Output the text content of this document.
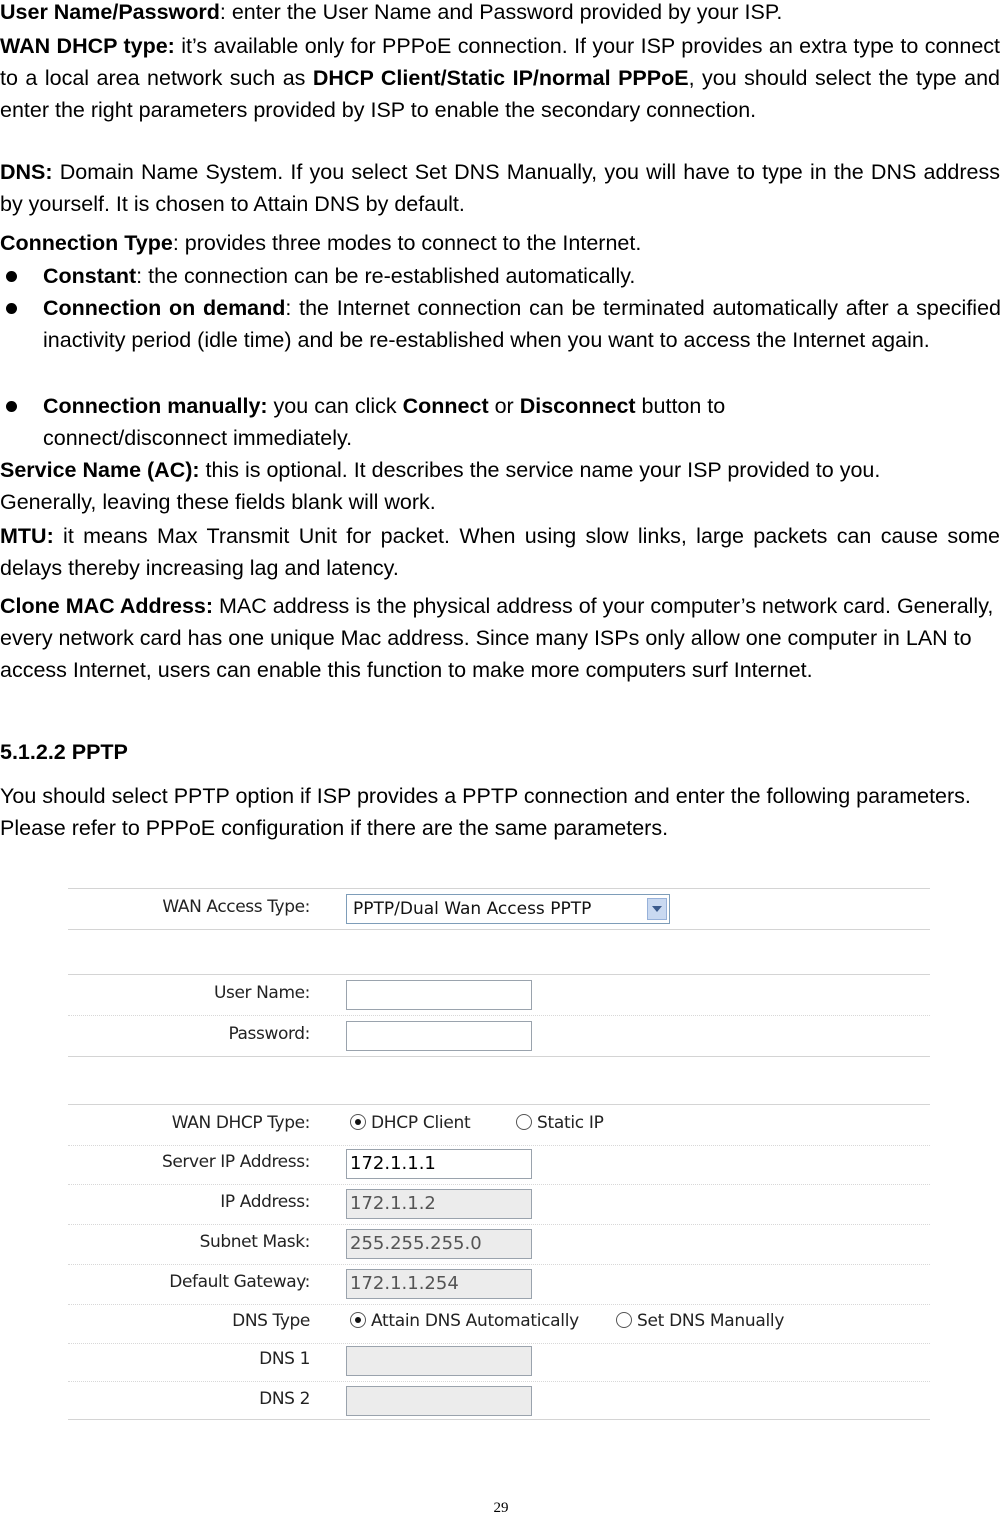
User Name/Password: enter the User Name and Password provided by your ISP.

WAN DHCP type: it’s available only for PPPoE connection. If your ISP provides an extra type to connect to a local area network such as DHCP Client/Static IP/normal PPPoE, you should select the type and enter the right parameters provided by ISP to enable the secondary connection.

DNS: Domain Name System. If you select Set DNS Manually, you will have to type in the DNS address by yourself. It is chosen to Attain DNS by default.

Connection Type: provides three modes to connect to the Internet.

Constant: the connection can be re-established automatically.
Connection on demand: the Internet connection can be terminated automatically after a specified inactivity period (idle time) and be re-established when you want to access the Internet again.
Connection manually: you can click Connect or Disconnect button to connect/disconnect immediately.

Service Name (AC): this is optional. It describes the service name your ISP provided to you. Generally, leaving these fields blank will work.

MTU: it means Max Transmit Unit for packet. When using slow links, large packets can cause some delays thereby increasing lag and latency.

Clone MAC Address: MAC address is the physical address of your computer’s network card. Generally, every network card has one unique Mac address. Since many ISPs only allow one computer in LAN to access Internet, users can enable this function to make more computers surf Internet.

5.1.2.2 PPTP

You should select PPTP option if ISP provides a PPTP connection and enter the following parameters. Please refer to PPPoE configuration if there are the same parameters.

WAN Access Type:	PPTP/Dual Wan Access PPTP
User Name:
Password:
WAN DHCP Type:	DHCP Client	Static IP
Server IP Address: 172.1.1.1
IP Address: 172.1.1.2
Subnet Mask: 255.255.255.0
Default Gateway: 172.1.1.254
DNS Type	Attain DNS Automatically	Set DNS Manually
DNS 1
DNS 2
29
